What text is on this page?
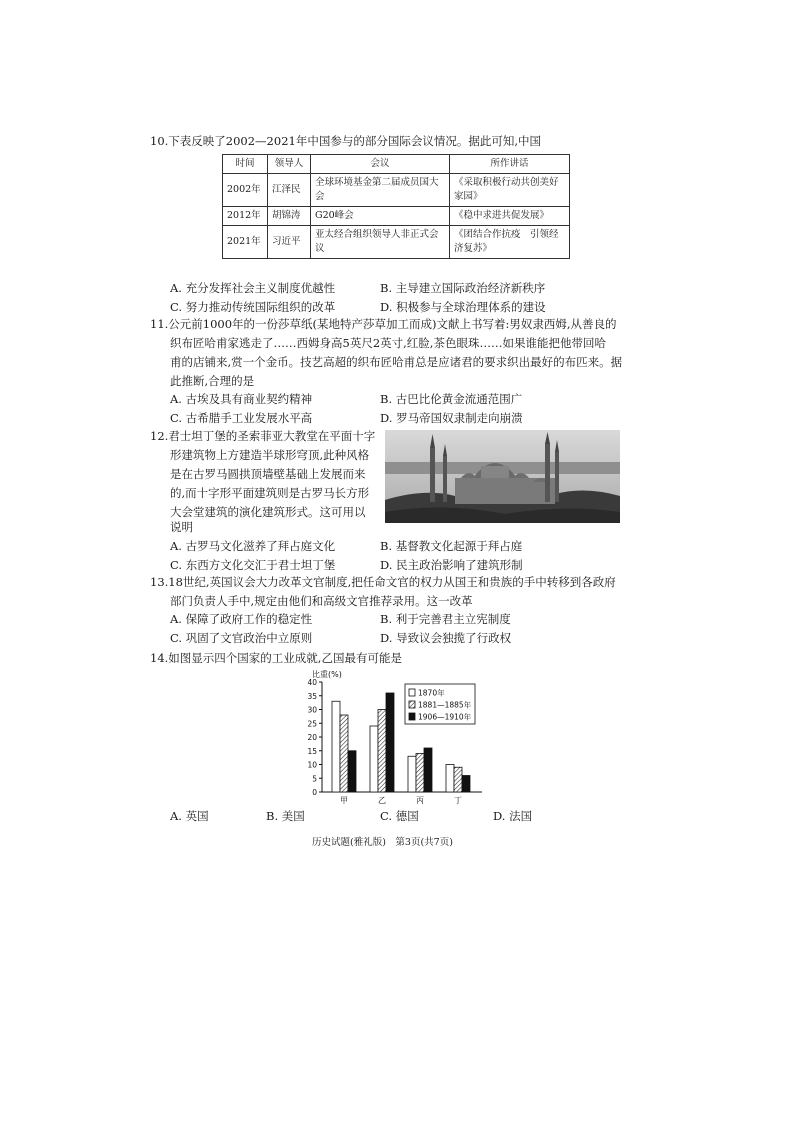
10.下表反映了2002—2021年中国参与的部分国际会议情况。据此可知,中国
时间	领导人	会议	所作讲话
2002年	江泽民	全球环境基金第二届成员国大会	《采取积极行动共创美好家园》
2012年	胡锦涛	G20峰会	《稳中求进共促发展》
2021年	习近平	亚太经合组织领导人非正式会议	《团结合作抗疫　引领经济复苏》
A. 充分发挥社会主义制度优越性	B. 主导建立国际政治经济新秩序
C. 努力推动传统国际组织的改革	D. 积极参与全球治理体系的建设
11.公元前1000年的一份莎草纸(某地特产莎草加工而成)文献上书写着:男奴隶西姆,从善良的
织布匠哈甫家逃走了……西姆身高5英尺2英寸,红脸,茶色眼珠……如果谁能把他带回哈
甫的店铺来,赏一个金币。技艺高超的织布匠哈甫总是应诸君的要求织出最好的布匹来。据
此推断,合理的是
A. 古埃及具有商业契约精神	B. 古巴比伦黄金流通范围广
C. 古希腊手工业发展水平高	D. 罗马帝国奴隶制走向崩溃
12.君士坦丁堡的圣索菲亚大教堂在平面十字
形建筑物上方建造半球形穹顶,此种风格
是在古罗马圆拱顶墙壁基础上发展而来
的,而十字形平面建筑则是古罗马长方形
大会堂建筑的演化建筑形式。这可用以
说明
A. 古罗马文化滋养了拜占庭文化	B. 基督教文化起源于拜占庭
C. 东西方文化交汇于君士坦丁堡	D. 民主政治影响了建筑形制
13.18世纪,英国议会大力改革文官制度,把任命文官的权力从国王和贵族的手中转移到各政府
部门负责人手中,规定由他们和高级文官推荐录用。这一改革
A. 保障了政府工作的稳定性	B. 利于完善君主立宪制度
C. 巩固了文官政治中立原则	D. 导致议会独揽了行政权
14.如图显示四个国家的工业成就,乙国最有可能是
比重(%)
0
5
10
15
20
25
30
35
40
甲	乙	丙	丁
1870年
1881—1885年
1906—1910年
A. 英国	B. 美国	C. 德国	D. 法国
历史试题(雅礼版)　第3页(共7页)
